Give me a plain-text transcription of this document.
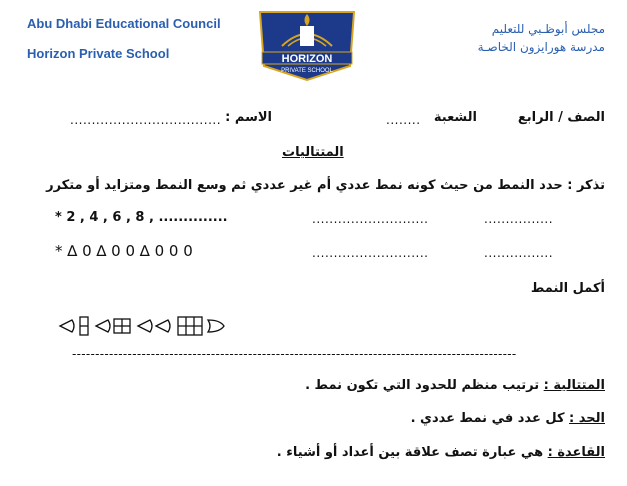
Abu Dhabi Educational Council
Horizon Private School	HORIZON
PRIVATE SCHOOL
مجلس أبوظـبي للتعليم
مدرسة هورايزون الخاصـة
الصف / الرابع
الشعبة
........
الاسم :
...................................
المتتاليات
تذكر : حدد النمط من حيث كونه نمط عددي أم غير عددي ثم وسع النمط ومتزايد أو متكرر
* 2 , 4 , 6 , 8 , ..............	...........................	................
* ∆ 0 ∆ 0 0 ∆ 0 0 0	...........................	................
أكمل النمط
------------------------------------------------------------------------------------------------
المتتالية : ترتيب منظم للحدود التي تكون نمط .
الحد : كل عدد في نمط عددي .
القاعدة : هي عبارة تصف علاقة بين أعداد أو أشياء .
